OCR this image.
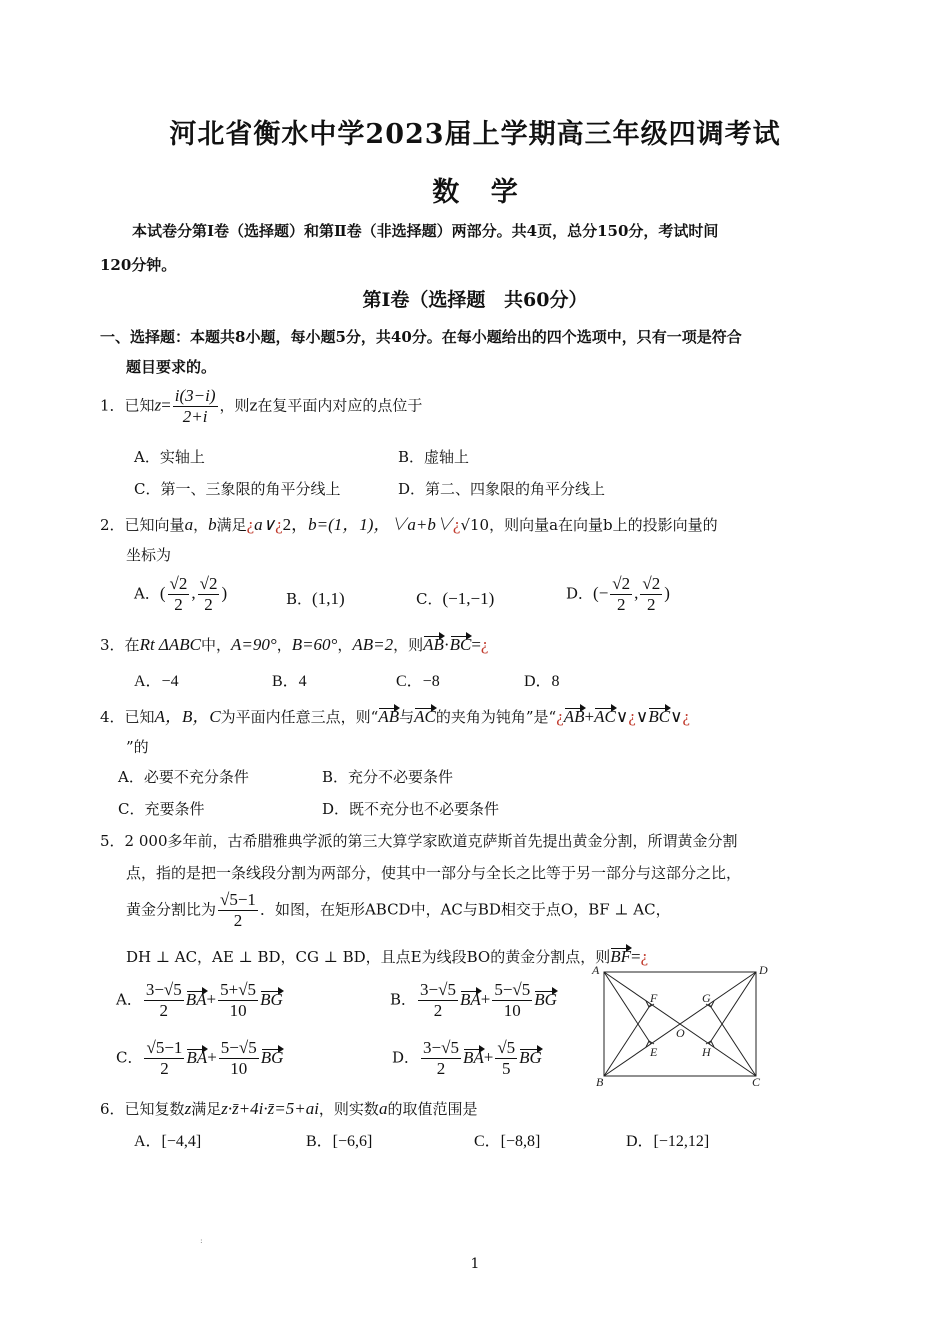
河北省衡水中学2023届上学期高三年级四调考试
数 学
本试卷分第Ⅰ卷（选择题）和第Ⅱ卷（非选择题）两部分。共4页，总分150分，考试时间
120分钟。
第Ⅰ卷（选择题 共60分）
一、选择题：本题共8小题，每小题5分，共40分。在每小题给出的四个选项中，只有一项是符合
题目要求的。
1．已知$z= \frac{i(3-i)}{2+i}$ ，则z在复平面内对应的点位于
A．实轴上	B．虚轴上
C．第一、三象限的角平分线上	D．第二、四象限的角平分线上
2．已知向量a，b满足¿a∨¿2，b=(1，1)，∨a+b∨¿√10，则向量a在向量b上的投影向量的
坐标为
A．( $\frac{√2}{2}$ , $\frac{√2}{2}$ )	B．(1,1)	C．(−1,−1)	D．(− $\frac{√2}{2}$ , $\frac{√2}{2}$ )
3．在Rt ΔABC中，A=90°，B=60°，AB=2，则AB·BC=¿
A．−4	B．4	C．−8	D．8
4．已知A，B，C为平面内任意三点，则“AB与AC的夹角为钝角”是“¿AB+AC∨¿∨BC∨¿
”的
A．必要不充分条件	B．充分不必要条件
C．充要条件	D．既不充分也不必要条件
5．2 000多年前，古希腊雅典学派的第三大算学家欧道克萨斯首先提出黄金分割，所谓黄金分割
点，指的是把一条线段分割为两部分，使其中一部分与全长之比等于另一部分与这部分之比，
黄金分割比为 $\frac{√5-1}{2}$ ．如图，在矩形ABCD中，AC与BD相交于点O，BF ⊥ AC，
DH ⊥ AC，AE ⊥ BD，CG ⊥ BD，且点E为线段BO的黄金分割点，则BF=¿
A． $\frac{3-√5}{2} BA+ \frac{5+√5}{10}$ BG	B． $\frac{3-√5}{2} BA+ \frac{5-√5}{10}$ BG
C． $\frac{√5-1}{2} BA+ \frac{5-√5}{10}$ BG	D． $\frac{3-√5}{2} BA+ \frac{√5}{5}$ BG
A
B	C
D
F
E
G
H
O
6．已知复数z满足z·z̄+4i·z̄=5+ai，则实数a的取值范围是
A．[−4,4]	B．[−6,6]	C．[−8,8]	D．[−12,12]
:
1
